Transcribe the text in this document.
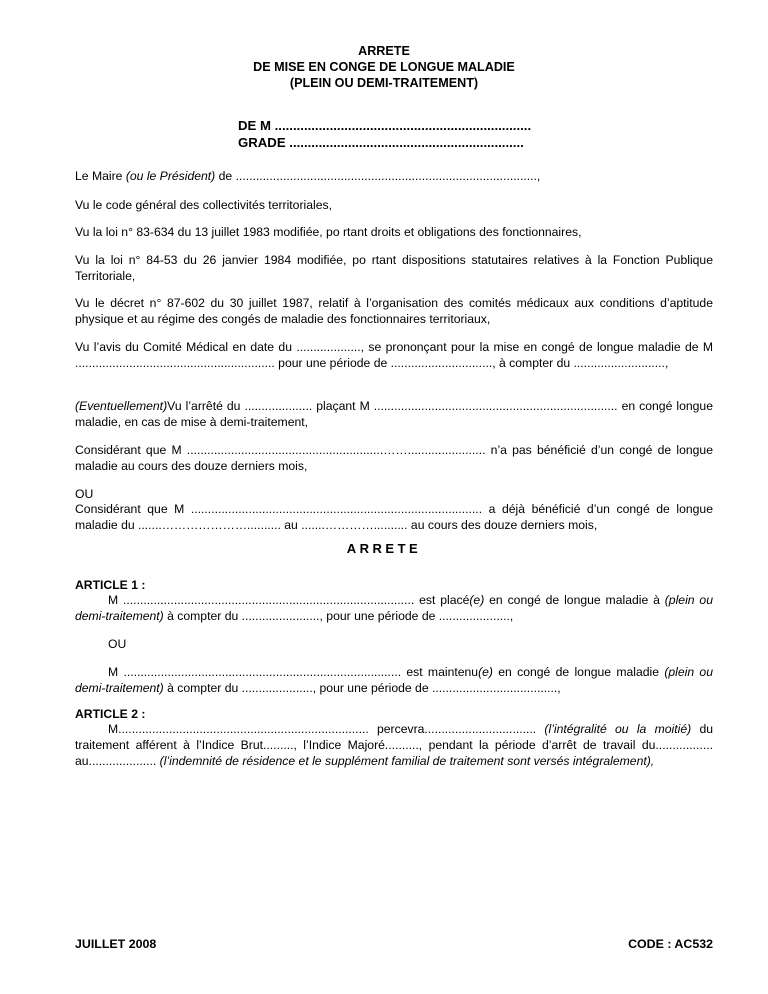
ARRETE
DE MISE EN CONGE DE LONGUE MALADIE
(PLEIN OU DEMI-TRAITEMENT)
DE M ......................................................................
GRADE ................................................................

Le Maire (ou le Président) de .........................................................................................,

Vu le code général des collectivités territoriales,

Vu la loi n° 83-634 du 13 juillet 1983 modifiée, po rtant droits et obligations des fonctionnaires,

Vu la loi n° 84-53 du 26 janvier 1984 modifiée, po rtant dispositions statutaires relatives à la Fonction Publique Territoriale,

Vu le décret n° 87-602 du 30 juillet 1987, relatif à l’organisation des comités médicaux aux conditions d’aptitude physique et au régime des congés de maladie des fonctionnaires territoriaux,

Vu l’avis du Comité Médical en date du ..................., se prononçant pour la mise en congé de longue maladie de M ........................................................... pour une période de .............................., à compter du ...........................,

(Eventuellement)Vu l’arrêté du .................... plaçant M ........................................................................ en congé longue maladie, en cas de mise à demi-traitement,

Considérant que M ..........................................................……....................... n’a pas bénéficié d’un congé de longue maladie au cours des douze derniers mois,

OU

Considérant que M ...................................................................................... a déjà bénéficié d’un congé de longue maladie du .......………………….......... au .......………….......... au cours des douze derniers mois,

ARRETE

ARTICLE 1 :

M ...................................................................................... est placé(e) en congé de longue maladie à (plein ou demi-traitement) à compter du ......................., pour une période de .....................,

OU

M .................................................................................. est maintenu(e) en congé de longue maladie (plein ou demi-traitement) à compter du ....................., pour une période de .....................................,

ARTICLE 2 :

M.......................................................................... percevra................................. (l’intégralité ou la moitié) du traitement afférent à l’Indice Brut........., l’Indice Majoré.........., pendant la période d’arrêt de travail du................. au.................... (l’indemnité de résidence et le supplément familial de traitement sont versés intégralement),

JUILLET 2008	CODE : AC532
